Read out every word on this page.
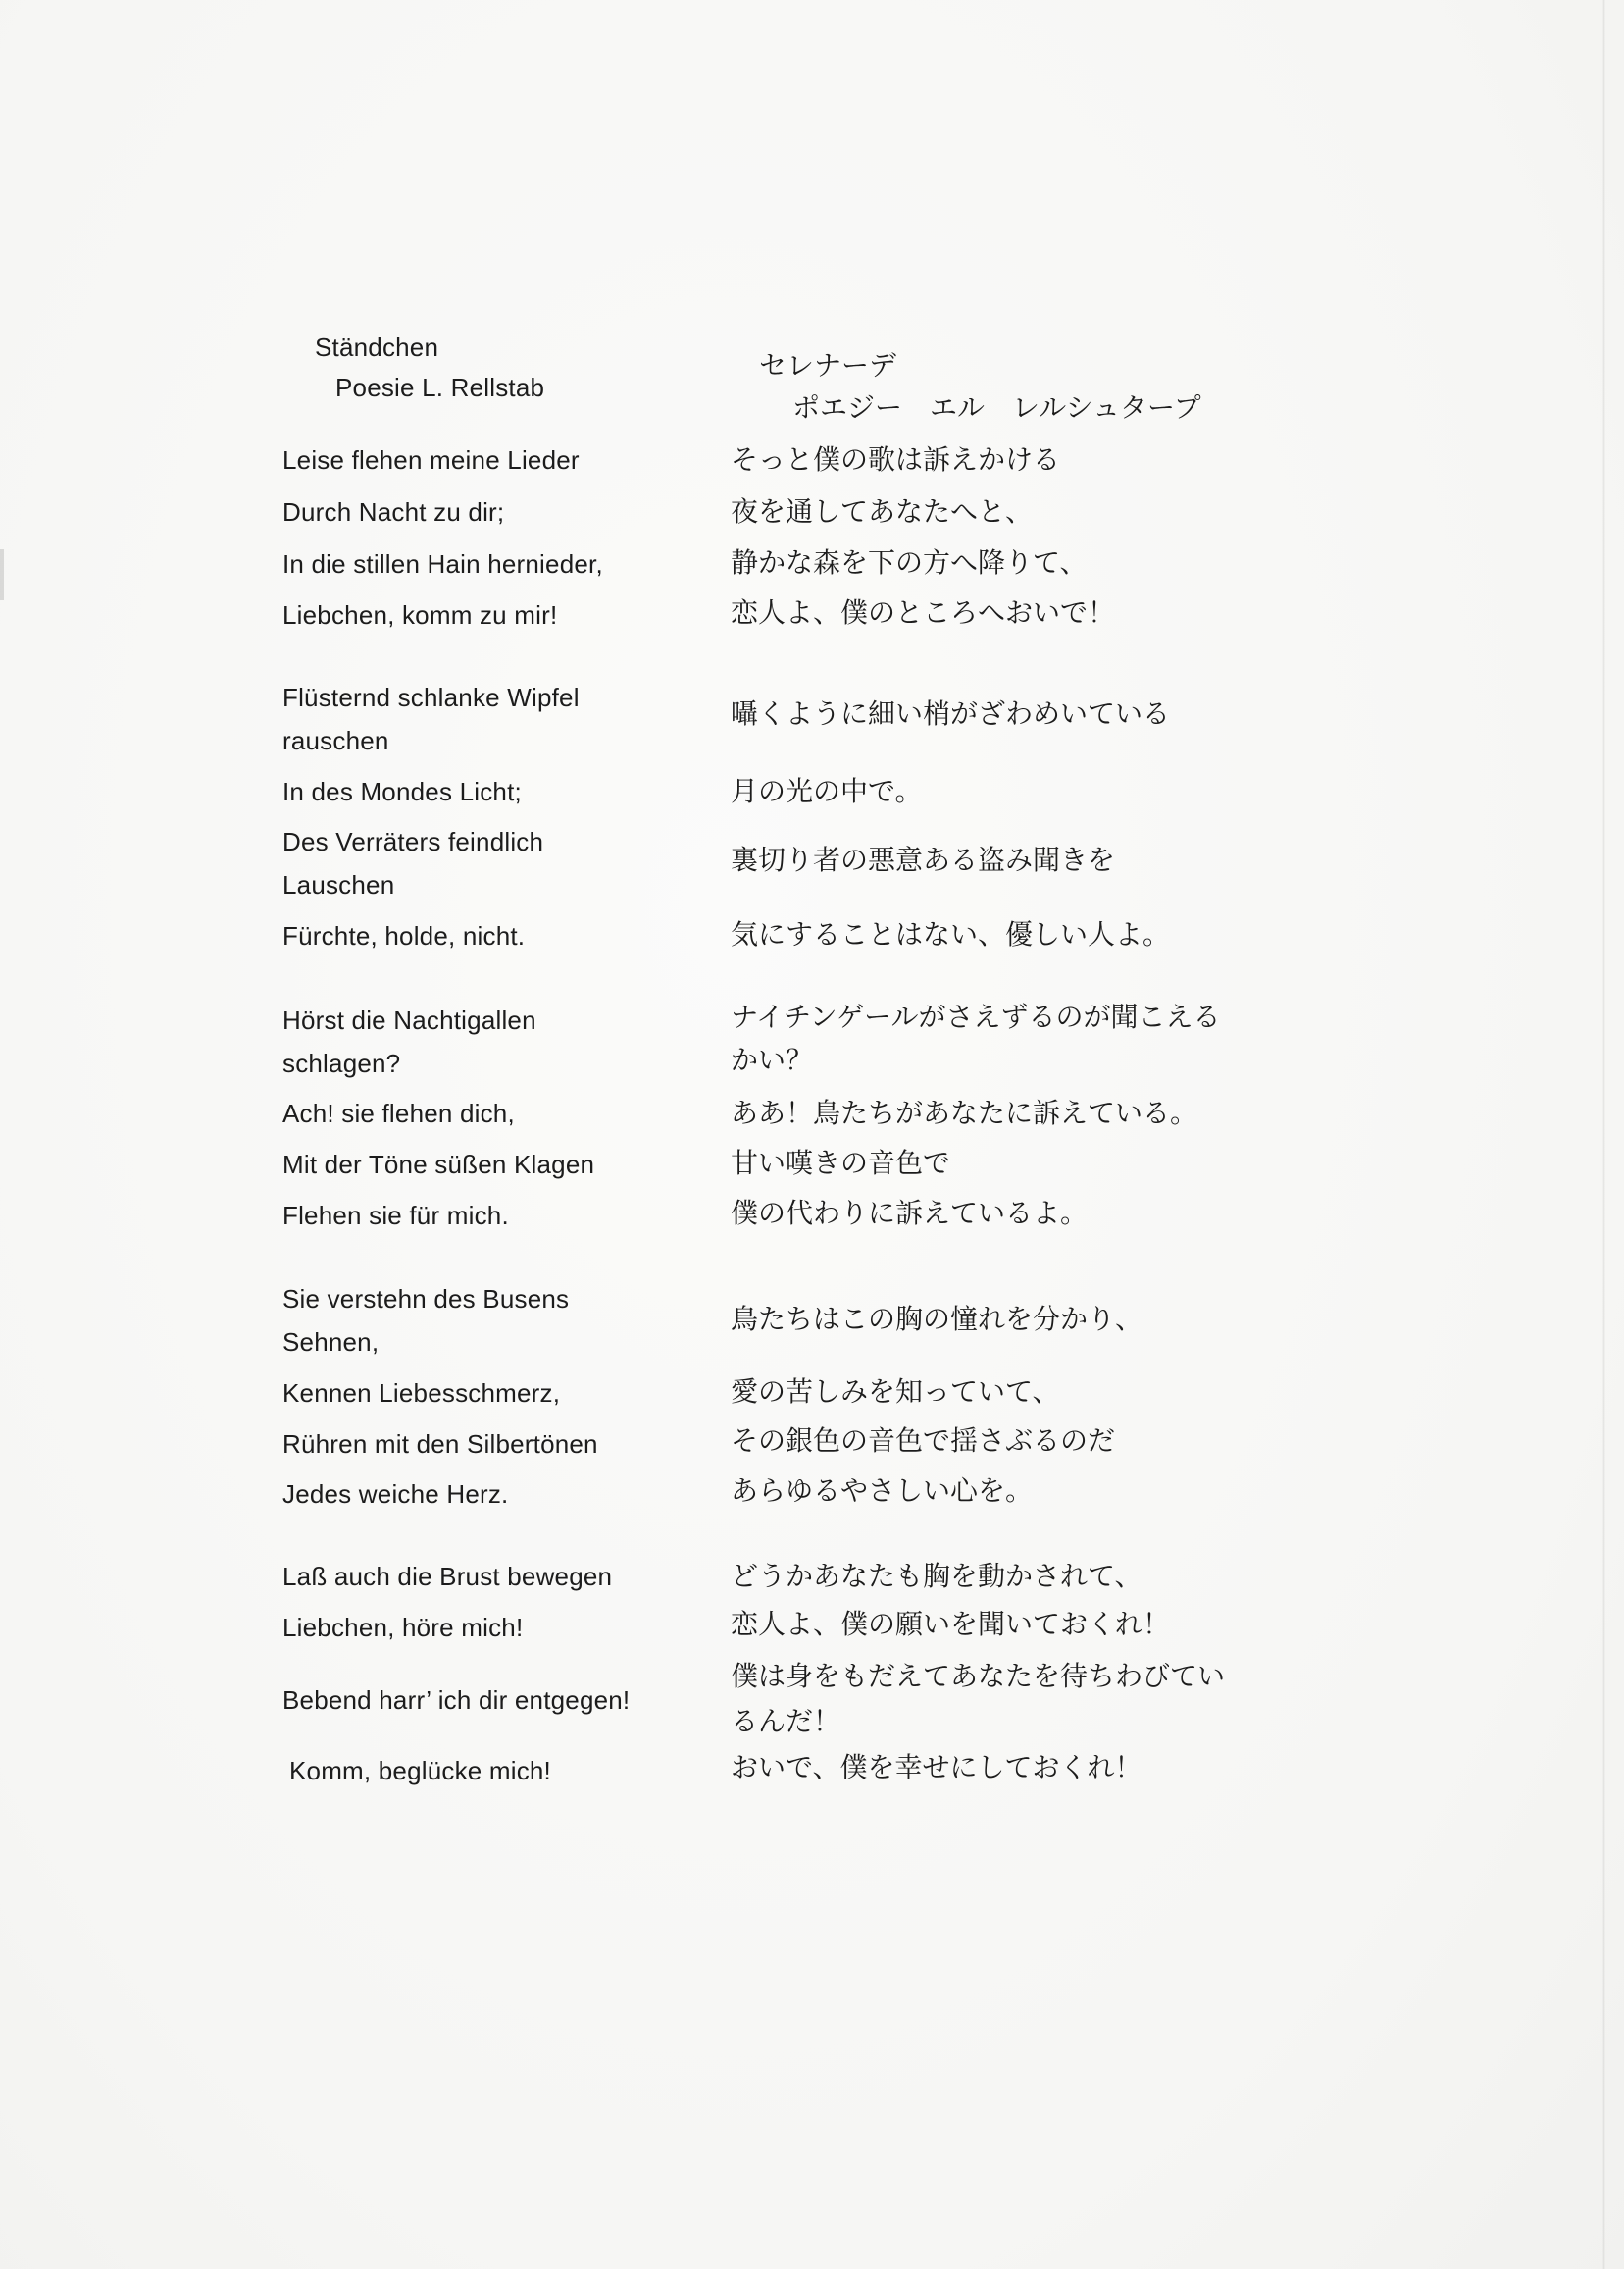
Ständchen
Poesie L. Rellstab
Leise flehen meine Lieder
Durch Nacht zu dir;
In die stillen Hain hernieder,
Liebchen, komm zu mir!
Flüsternd schlanke Wipfel
rauschen
In des Mondes Licht;
Des Verräters feindlich
Lauschen
Fürchte, holde, nicht.
Hörst die Nachtigallen
schlagen?
Ach! sie flehen dich,
Mit der Töne süßen Klagen
Flehen sie für mich.
Sie verstehn des Busens
Sehnen,
Kennen Liebesschmerz,
Rühren mit den Silbertönen
Jedes weiche Herz.
Laß auch die Brust bewegen
Liebchen, höre mich!
Bebend harr’ ich dir entgegen!
Komm, beglücke mich!
セレナーデ
ポエジー　エル　レルシュタープ
そっと僕の歌は訴えかける
夜を通してあなたへと、
静かな森を下の方へ降りて、
恋人よ、僕のところへおいで！
囁くように細い梢がざわめいている
月の光の中で。
裏切り者の悪意ある盗み聞きを
気にすることはない、優しい人よ。
ナイチンゲールがさえずるのが聞こえる
かい？
ああ！鳥たちがあなたに訴えている。
甘い嘆きの音色で
僕の代わりに訴えているよ。
鳥たちはこの胸の憧れを分かり、
愛の苦しみを知っていて、
その銀色の音色で揺さぶるのだ
あらゆるやさしい心を。
どうかあなたも胸を動かされて、
恋人よ、僕の願いを聞いておくれ！
僕は身をもだえてあなたを待ちわびてい
るんだ！
おいで、僕を幸せにしておくれ！
